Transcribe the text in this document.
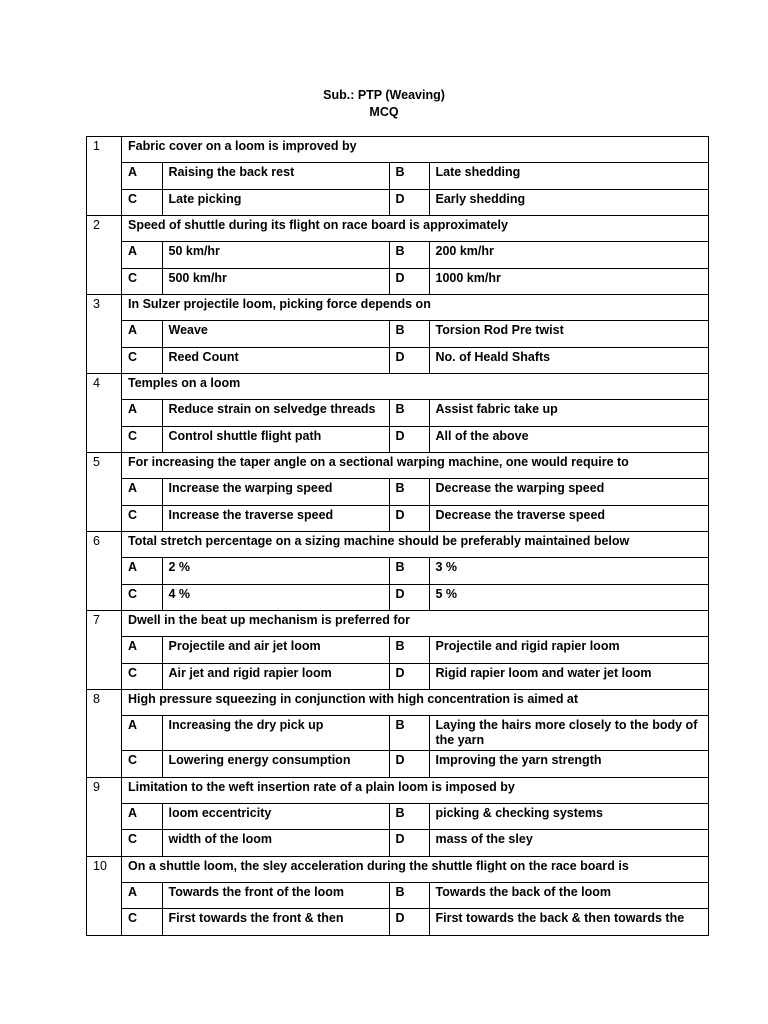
Sub.: PTP (Weaving)
MCQ
1	Fabric cover on a loom is improved by

A	Raising the back rest	B	Late shedding
C	Late picking	D	Early shedding

2	Speed of shuttle during its flight on race board is approximately

A	50 km/hr	B	200 km/hr
C	500 km/hr	D	1000 km/hr

3	In Sulzer projectile loom, picking force depends on

A	Weave	B	Torsion Rod Pre twist
C	Reed Count	D	No. of Heald Shafts

4	Temples on a loom

A	Reduce strain on selvedge threads	B	Assist fabric take up
C	Control shuttle flight path	D	All of the above

5	For increasing the taper angle on a sectional warping machine, one would require to

A	Increase the warping speed	B	Decrease the warping speed
C	Increase the traverse speed	D	Decrease the traverse speed

6	Total stretch percentage on a sizing machine should be preferably maintained below

A	2 %	B	3 %
C	4 %	D	5 %

7	Dwell in the beat up mechanism is preferred for

A	Projectile and air jet loom	B	Projectile and rigid rapier loom
C	Air jet and rigid rapier loom	D	Rigid rapier loom and water jet loom

8	High pressure squeezing in conjunction with high concentration is aimed at

A	Increasing the dry pick up	B	Laying the hairs more closely to the body of the yarn
C	Lowering energy consumption	D	Improving the yarn strength

9	Limitation to the weft insertion rate of a plain loom is imposed by

A	loom eccentricity	B	picking & checking systems
C	width of the loom	D	mass of the sley

10	On a shuttle loom, the sley acceleration during the shuttle flight on the race board is

A	Towards the front of the loom	B	Towards the back of the loom
C	First towards the front & then	D	First towards the back & then towards the
